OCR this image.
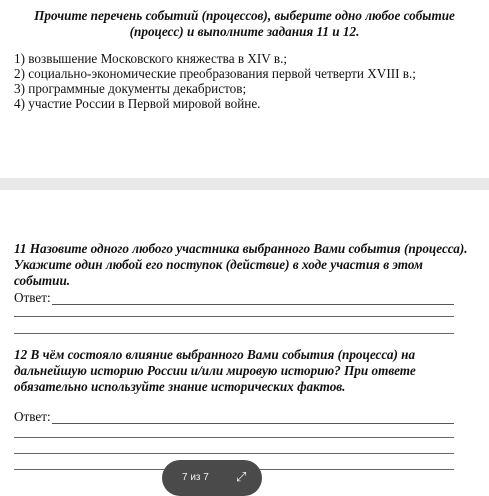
Прочите перечень событий (процессов), выберите одно любое событие (процесс) и выполните задания 11 и 12.
1) возвышение Московского княжества в XIV в.;
2) социально-экономические преобразования первой четверти XVIII в.;
3) программные документы декабристов;
4) участие России в Первой мировой войне.
11 Назовите одного любого участника выбранного Вами события (процесса). Укажите один любой его поступок (действие) в ходе участия в этом событии.
Ответ:
12 В чём состояло влияние выбранного Вами события (процесса) на дальнейшую историю России и/или мировую историю? При ответе обязательно используйте знание исторических фактов.
Ответ:
7 из 7 ⤢
